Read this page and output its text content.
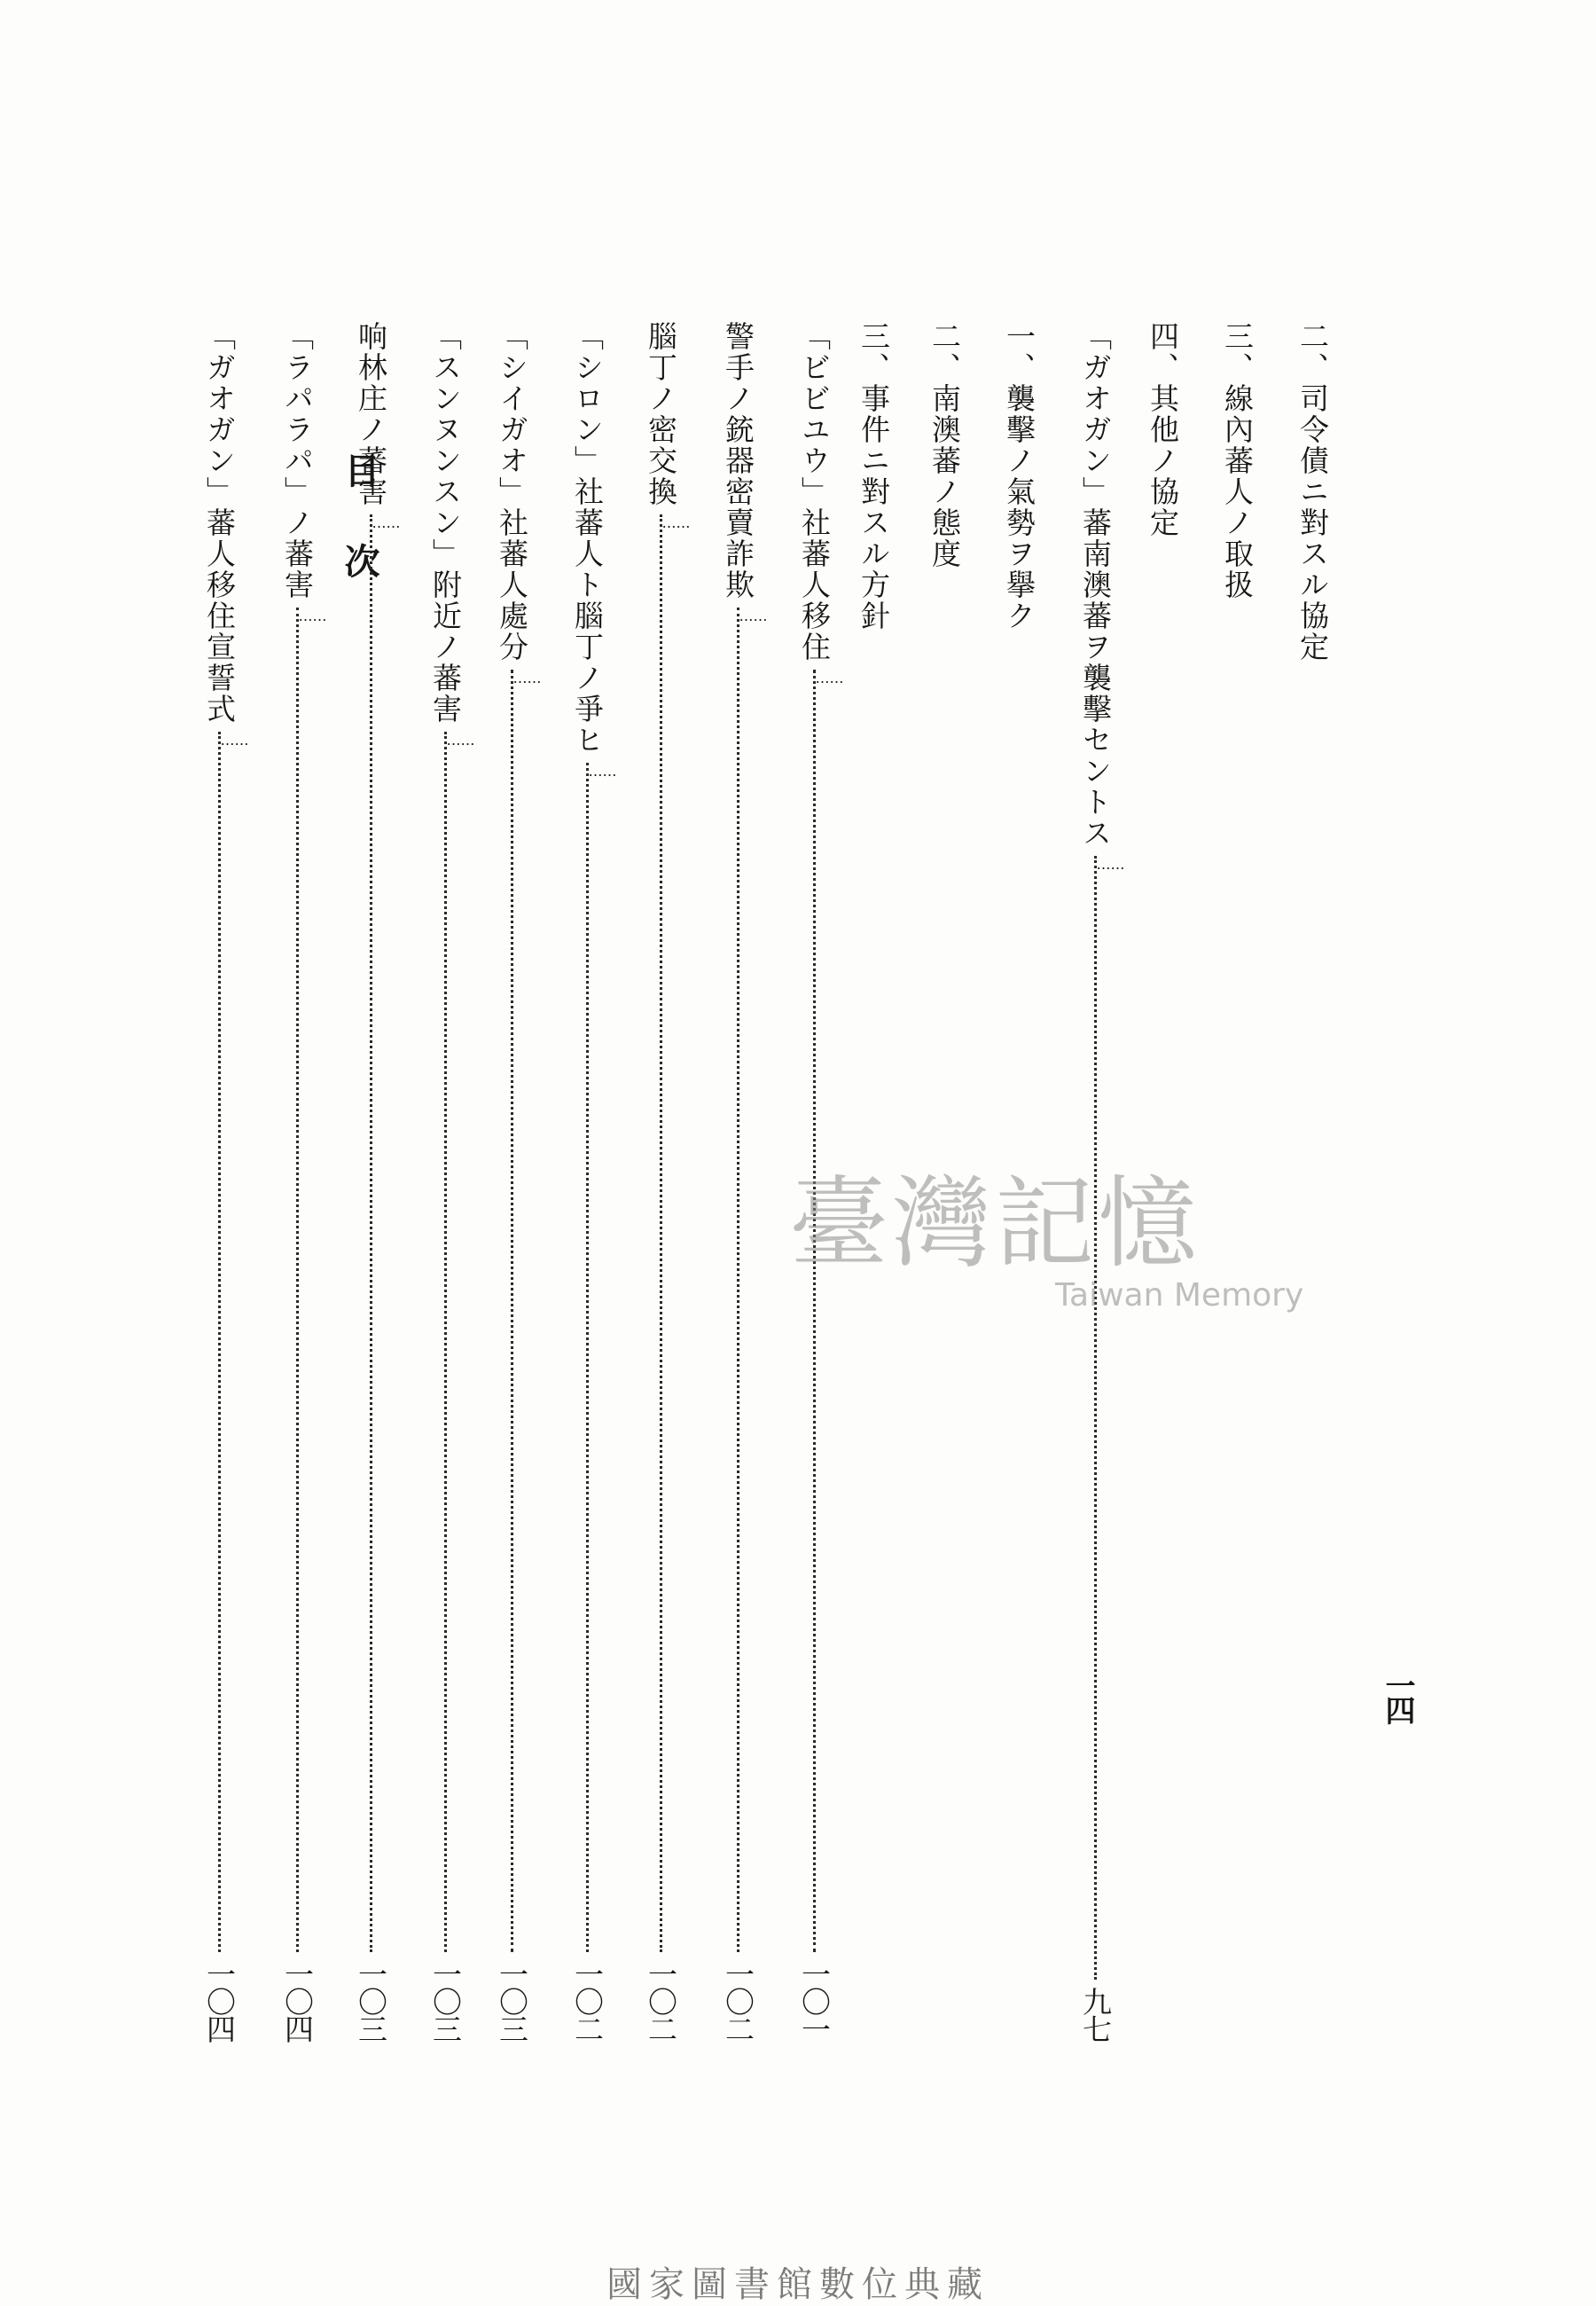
目次
一四
二、司令債ニ對スル協定
三、線內蕃人ノ取扱
四、其他ノ協定
「ガオガン」蕃南澳蕃ヲ襲擊セントス
……
九七
一、襲擊ノ氣勢ヲ擧ク
二、南澳蕃ノ態度
三、事件ニ對スル方針
「ビビユウ」社蕃人移住
……
一〇一
警手ノ銃器密賣詐欺
……
一〇二
腦丁ノ密交換
……
一〇二
「シロン」社蕃人ト腦丁ノ爭ヒ
……
一〇二
「シイガオ」社蕃人處分
……
一〇三
「スンヌンスン」附近ノ蕃害
……
一〇三
响林庄ノ蕃害
……
一〇三
「ラパラパ」ノ蕃害
……
一〇四
「ガオガン」蕃人移住宣誓式
……
一〇四
臺灣記憶
Taiwan Memory
國家圖書館數位典藏
